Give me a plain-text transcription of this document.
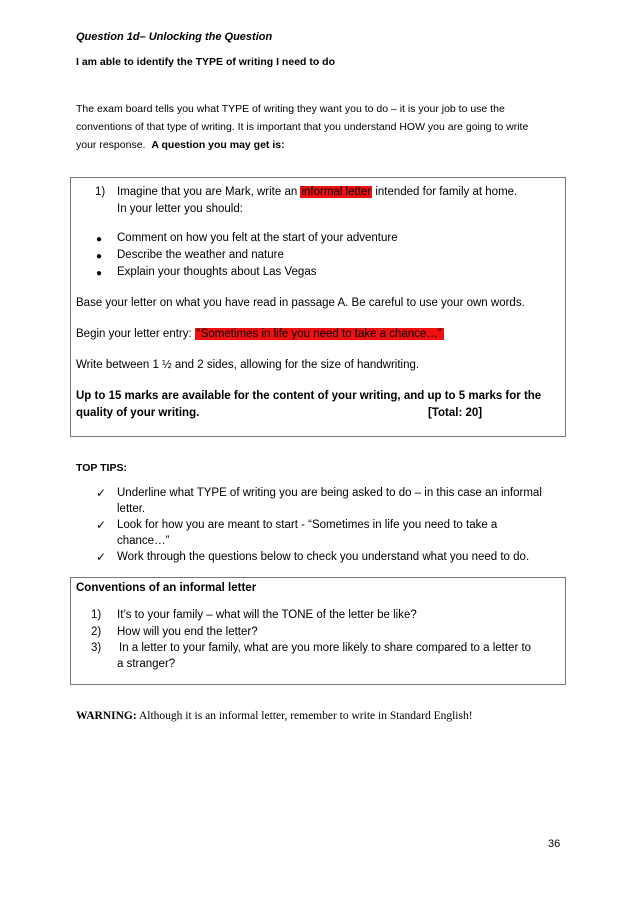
Question 1d– Unlocking the Question
I am able to identify the TYPE of writing I need to do
The exam board tells you what TYPE of writing they want you to do – it is your job to use the
conventions of that type of writing. It is important that you understand HOW you are going to write
your response. A question you may get is:
1) Imagine that you are Mark, write an informal letter intended for family at home.
In your letter you should:
● Comment on how you felt at the start of your adventure
● Describe the weather and nature
● Explain your thoughts about Las Vegas
Base your letter on what you have read in passage A. Be careful to use your own words.
Begin your letter entry: “Sometimes in life you need to take a chance…”
Write between 1 ½ and 2 sides, allowing for the size of handwriting.
Up to 15 marks are available for the content of your writing, and up to 5 marks for the
quality of your writing.	[Total: 20]
TOP TIPS:
✓ Underline what TYPE of writing you are being asked to do – in this case an informal
letter.
✓ Look for how you are meant to start - “Sometimes in life you need to take a
chance…”
✓ Work through the questions below to check you understand what you need to do.
Conventions of an informal letter
1) It’s to your family – what will the TONE of the letter be like?
2) How will you end the letter?
3) In a letter to your family, what are you more likely to share compared to a letter to
a stranger?
WARNING: Although it is an informal letter, remember to write in Standard English!
36
